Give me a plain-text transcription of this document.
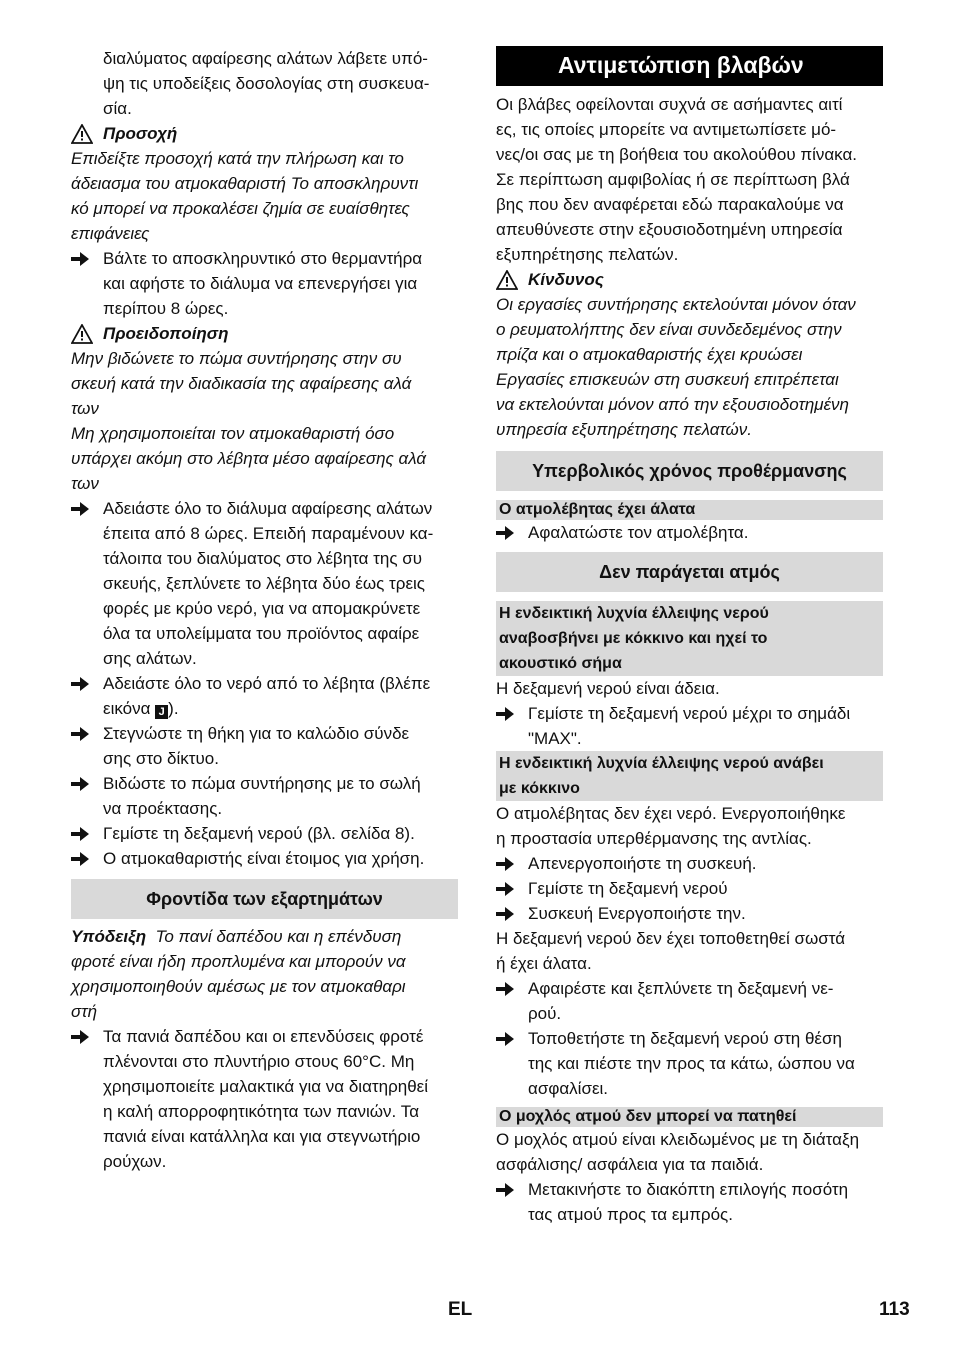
διαλύματος αφαίρεσης αλάτων λάβετε υπό-

ψη τις υποδείξεις δοσολογίας στη συσκευα-

σία.

Προσοχή

Επιδείξτε προσοχή κατά την πλήρωση και το

άδειασμα του ατμοκαθαριστή Το αποσκληρυντι

κό μπορεί να προκαλέσει ζημία σε ευαίσθητες

επιφάνειες

Βάλτε το αποσκληρυντικό στο θερμαντήρα

και αφήστε το διάλυμα να επενεργήσει για

περίπου 8 ώρες.

Προειδοποίηση

Μην βιδώνετε το πώμα συντήρησης στην συ

σκευή κατά την διαδικασία της αφαίρεσης αλά

των

Μη χρησιμοποιείται τον ατμοκαθαριστή όσο

υπάρχει ακόμη στο λέβητα μέσο αφαίρεσης αλά

των

Αδειάστε όλο το διάλυμα αφαίρεσης αλάτων

έπειτα από 8 ώρες. Επειδή παραμένουν κα-

τάλοιπα του διαλύματος στο λέβητα της συ

σκευής, ξεπλύνετε το λέβητα δύο έως τρεις

φορές με κρύο νερό, για να απομακρύνετε

όλα τα υπολείμματα του προϊόντος αφαίρε

σης αλάτων.

Αδειάστε όλο το νερό από το λέβητα (βλέπε

εικόνα J ).

Στεγνώστε τη θήκη για το καλώδιο σύνδε

σης στο δίκτυο.

Βιδώστε το πώμα συντήρησης με το σωλή

να προέκτασης.

Γεμίστε τη δεξαμενή νερού (βλ. σελίδα 8).

Ο ατμοκαθαριστής είναι έτοιμος για χρήση.

Φροντίδα των εξαρτημάτων

Υπόδειξη  Το πανί δαπέδου και η επένδυση

φροτέ είναι ήδη προπλυμένα και μπορούν να

χρησιμοποιηθούν αμέσως με τον ατμοκαθαρι

στή

Τα πανιά δαπέδου και οι επενδύσεις φροτέ

πλένονται στο πλυντήριο στους 60°C. Μη

χρησιμοποιείτε μαλακτικά για να διατηρηθεί

η καλή απορροφητικότητα των πανιών. Τα

πανιά είναι κατάλληλα και για στεγνωτήριο

ρούχων.

Αντιμετώπιση βλαβών

Οι βλάβες οφείλονται συχνά σε ασήμαντες αιτί

ες, τις οποίες μπορείτε να αντιμετωπίσετε μό-

νες/οι σας με τη βοήθεια του ακολούθου πίνακα.

Σε περίπτωση αμφιβολίας ή σε περίπτωση βλά

βης που δεν αναφέρεται εδώ παρακαλούμε να

απευθύνεστε στην εξουσιοδοτημένη υπηρεσία

εξυπηρέτησης πελατών.

Κίνδυνος

Οι εργασίες συντήρησης εκτελούνται μόνον όταν

ο ρευματολήπτης δεν είναι συνδεδεμένος στην

πρίζα και ο ατμοκαθαριστής έχει κρυώσει

Εργασίες επισκευών στη συσκευή επιτρέπεται

να εκτελούνται μόνον από την εξουσιοδοτημένη

υπηρεσία εξυπηρέτησης πελατών.

Υπερβολικός χρόνος προθέρμανσης
Ο ατμολέβητας έχει άλατα

Αφαλατώστε τον ατμολέβητα.

Δεν παράγεται ατμός

Η ενδεικτική λυχνία έλλειψης νερού

αναβοσβήνει με κόκκινο και ηχεί το

ακουστικό σήμα

Η δεξαμενή νερού είναι άδεια.

Γεμίστε τη δεξαμενή νερού μέχρι το σημάδι

"MAX".

Η ενδεικτική λυχνία έλλειψης νερού ανάβει

με κόκκινο

Ο ατμολέβητας δεν έχει νερό. Ενεργοποιήθηκε

η προστασία υπερθέρμανσης της αντλίας.

Απενεργοποιήστε τη συσκευή.

Γεμίστε τη δεξαμενή νερού

Συσκευή Ενεργοποιήστε την.

Η δεξαμενή νερού δεν έχει τοποθετηθεί σωστά

ή έχει άλατα.

Αφαιρέστε και ξεπλύνετε τη δεξαμενή νε-

ρού.

Τοποθετήστε τη δεξαμενή νερού στη θέση

της και πιέστε την προς τα κάτω, ώσπου να

ασφαλίσει.

Ο μοχλός ατμού δεν μπορεί να πατηθεί

Ο μοχλός ατμού είναι κλειδωμένος με τη διάταξη

ασφάλισης/ ασφάλεια για τα παιδιά.

Μετακινήστε το διακόπτη επιλογής ποσότη

τας ατμού προς τα εμπρός.

EL	113
